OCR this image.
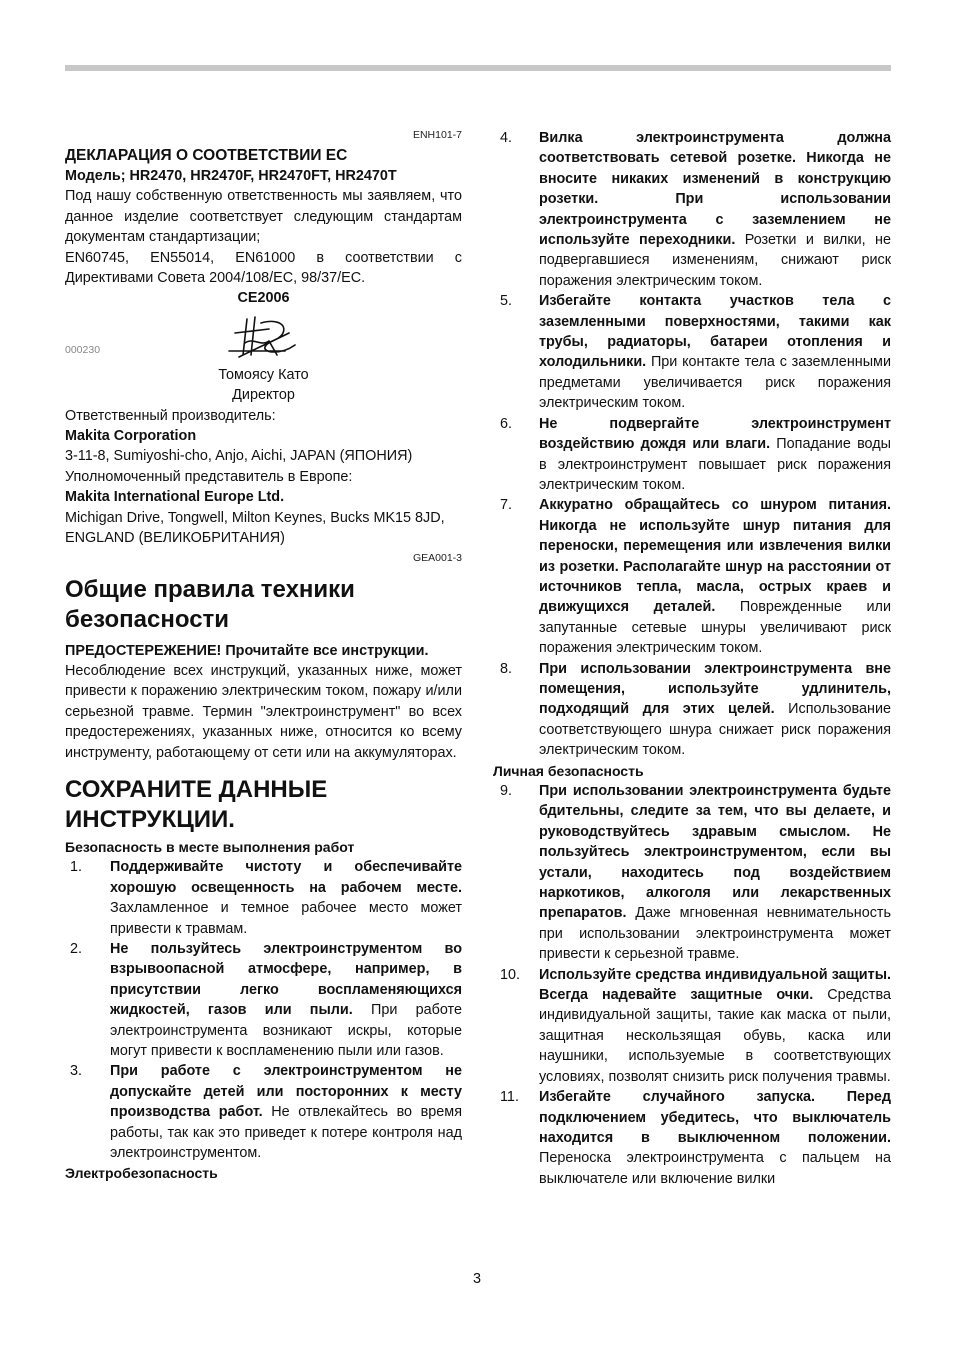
ENH101-7

ДЕКЛАРАЦИЯ О СООТВЕТСТВИИ ЕС

Модель; HR2470, HR2470F, HR2470FT, HR2470T

Под нашу собственную ответственность мы заявляем, что данное изделие соответствует следующим стандартам документам стандартизации;

EN60745, EN55014, EN61000 в соответствии с Директивами Совета 2004/108/EC, 98/37/EC.

CE2006

000230

Томоясу Като

Директор

Ответственный производитель:

Makita Corporation

3-11-8, Sumiyoshi-cho, Anjo, Aichi, JAPAN (ЯПОНИЯ)

Уполномоченный представитель в Европе:

Makita International Europe Ltd.

Michigan Drive, Tongwell, Milton Keynes, Bucks MK15 8JD, ENGLAND (ВЕЛИКОБРИТАНИЯ)

GEA001-3

Общие правила техники безопасности

ПРЕДОСТЕРЕЖЕНИЕ! Прочитайте все инструкции.

Несоблюдение всех инструкций, указанных ниже, может привести к поражению электрическим током, пожару и/или серьезной травме. Термин "электроинструмент" во всех предостережениях, указанных ниже, относится ко всему инструменту, работающему от сети или на аккумуляторах.

СОХРАНИТЕ ДАННЫЕ ИНСТРУКЦИИ.

Безопасность в месте выполнения работ

1.	Поддерживайте чистоту и обеспечивайте хорошую освещенность на рабочем месте. Захламленное и темное рабочее место может привести к травмам.
2.	Не пользуйтесь электроинструментом во взрывоопасной атмосфере, например, в присутствии легко воспламеняющихся жидкостей, газов или пыли. При работе электроинструмента возникают искры, которые могут привести к воспламенению пыли или газов.
3.	При работе с электроинструментом не допускайте детей или посторонних к месту производства работ. Не отвлекайтесь во время работы, так как это приведет к потере контроля над электроинструментом.

Электробезопасность

4.	Вилка электроинструмента должна соответствовать сетевой розетке. Никогда не вносите никаких изменений в конструкцию розетки. При использовании электроинструмента с заземлением не используйте переходники. Розетки и вилки, не подвергавшиеся изменениям, снижают риск поражения электрическим током.
5.	Избегайте контакта участков тела с заземленными поверхностями, такими как трубы, радиаторы, батареи отопления и холодильники. При контакте тела с заземленными предметами увеличивается риск поражения электрическим током.
6.	Не подвергайте электроинструмент воздействию дождя или влаги. Попадание воды в электроинструмент повышает риск поражения электрическим током.
7.	Аккуратно обращайтесь со шнуром питания. Никогда не используйте шнур питания для переноски, перемещения или извлечения вилки из розетки. Располагайте шнур на расстоянии от источников тепла, масла, острых краев и движущихся деталей. Поврежденные или запутанные сетевые шнуры увеличивают риск поражения электрическим током.
8.	При использовании электроинструмента вне помещения, используйте удлинитель, подходящий для этих целей. Использование соответствующего шнура снижает риск поражения электрическим током.

Личная безопасность

9.	При использовании электроинструмента будьте бдительны, следите за тем, что вы делаете, и руководствуйтесь здравым смыслом. Не пользуйтесь электроинструментом, если вы устали, находитесь под воздействием наркотиков, алкоголя или лекарственных препаратов. Даже мгновенная невнимательность при использовании электроинструмента может привести к серьезной травме.
10.	Используйте средства индивидуальной защиты. Всегда надевайте защитные очки. Средства индивидуальной защиты, такие как маска от пыли, защитная нескользящая обувь, каска или наушники, используемые в соответствующих условиях, позволят снизить риск получения травмы.
11.	Избегайте случайного запуска. Перед подключением убедитесь, что выключатель находится в выключенном положении. Переноска электроинструмента с пальцем на выключателе или включение вилки
3
